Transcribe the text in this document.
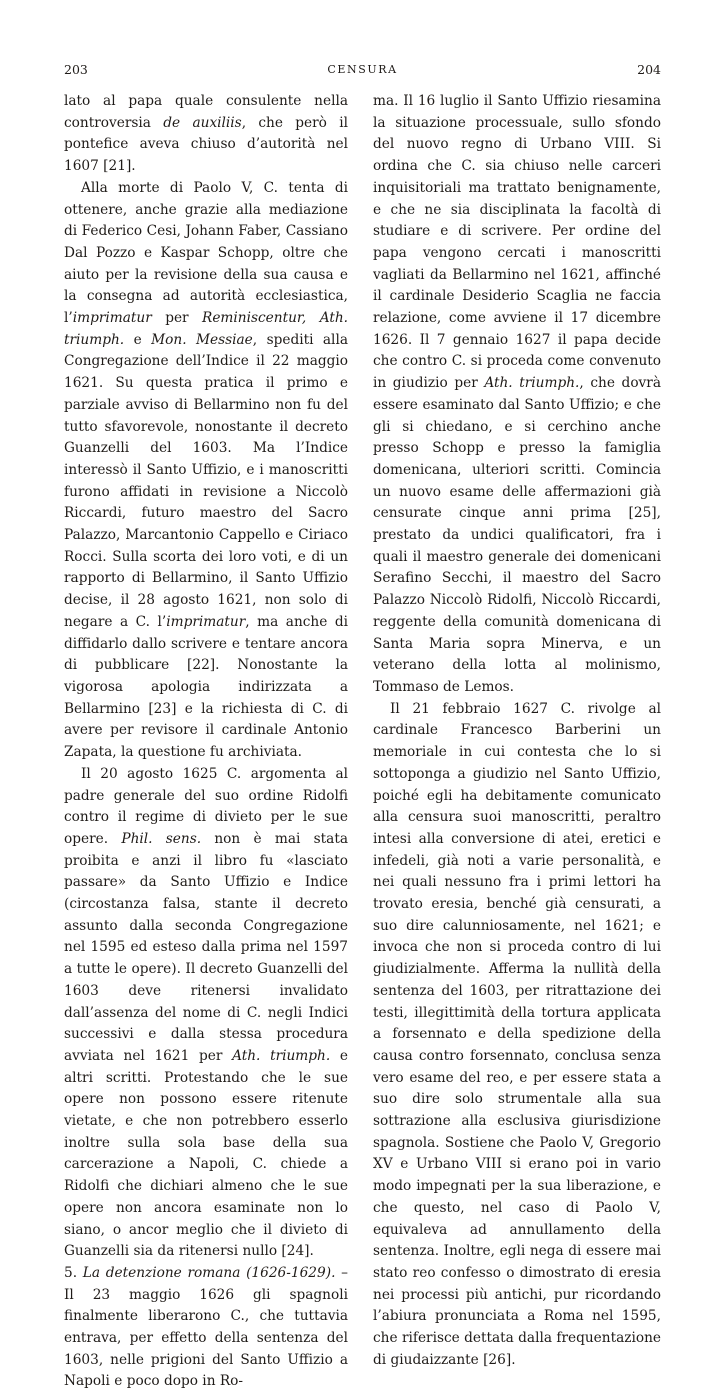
203	CENSURA	204

lato al papa quale consulente nella controversia de auxiliis, che però il pontefice aveva chiuso d’autorità nel 1607 [21].

Alla morte di Paolo V, C. tenta di ottenere, anche grazie alla mediazione di Federico Cesi, Johann Faber, Cassiano Dal Pozzo e Kaspar Schopp, oltre che aiuto per la revisione della sua causa e la consegna ad autorità ecclesiastica, l’imprimatur per Reminiscentur, Ath. triumph. e Mon. Messiae, spediti alla Congregazione dell’Indice il 22 maggio 1621. Su questa pratica il primo e parziale avviso di Bellarmino non fu del tutto sfavorevole, nonostante il decreto Guanzelli del 1603. Ma l’Indice interessò il Santo Uffizio, e i manoscritti furono affidati in revisione a Niccolò Riccardi, futuro maestro del Sacro Palazzo, Marcantonio Cappello e Ciriaco Rocci. Sulla scorta dei loro voti, e di un rapporto di Bellarmino, il Santo Uffizio decise, il 28 agosto 1621, non solo di negare a C. l’imprimatur, ma anche di diffidarlo dallo scrivere e tentare ancora di pubblicare [22]. Nonostante la vigorosa apologia indirizzata a Bellarmino [23] e la richiesta di C. di avere per revisore il cardinale Antonio Zapata, la questione fu archiviata.

Il 20 agosto 1625 C. argomenta al padre generale del suo ordine Ridolfi contro il regime di divieto per le sue opere. Phil. sens. non è mai stata proibita e anzi il libro fu «lasciato passare» da Santo Uffizio e Indice (circostanza falsa, stante il decreto assunto dalla seconda Congregazione nel 1595 ed esteso dalla prima nel 1597 a tutte le opere). Il decreto Guanzelli del 1603 deve ritenersi invalidato dall’assenza del nome di C. negli Indici successivi e dalla stessa procedura avviata nel 1621 per Ath. triumph. e altri scritti. Protestando che le sue opere non possono essere ritenute vietate, e che non potrebbero esserlo inoltre sulla sola base della sua carcerazione a Napoli, C. chiede a Ridolfi che dichiari almeno che le sue opere non ancora esaminate non lo siano, o ancor meglio che il divieto di Guanzelli sia da ritenersi nullo [24].

5. La detenzione romana (1626-1629). – Il 23 maggio 1626 gli spagnoli finalmente liberarono C., che tuttavia entrava, per effetto della sentenza del 1603, nelle prigioni del Santo Uffizio a Napoli e poco dopo in Ro-

ma. Il 16 luglio il Santo Uffizio riesamina la situazione processuale, sullo sfondo del nuovo regno di Urbano VIII. Si ordina che C. sia chiuso nelle carceri inquisitoriali ma trattato benignamente, e che ne sia disciplinata la facoltà di studiare e di scrivere. Per ordine del papa vengono cercati i manoscritti vagliati da Bellarmino nel 1621, affinché il cardinale Desiderio Scaglia ne faccia relazione, come avviene il 17 dicembre 1626. Il 7 gennaio 1627 il papa decide che contro C. si proceda come convenuto in giudizio per Ath. triumph., che dovrà essere esaminato dal Santo Uffizio; e che gli si chiedano, e si cerchino anche presso Schopp e presso la famiglia domenicana, ulteriori scritti. Comincia un nuovo esame delle affermazioni già censurate cinque anni prima [25], prestato da undici qualificatori, fra i quali il maestro generale dei domenicani Serafino Secchi, il maestro del Sacro Palazzo Niccolò Ridolfi, Niccolò Riccardi, reggente della comunità domenicana di Santa Maria sopra Minerva, e un veterano della lotta al molinismo, Tommaso de Lemos.

Il 21 febbraio 1627 C. rivolge al cardinale Francesco Barberini un memoriale in cui contesta che lo si sottoponga a giudizio nel Santo Uffizio, poiché egli ha debitamente comunicato alla censura suoi manoscritti, peraltro intesi alla conversione di atei, eretici e infedeli, già noti a varie personalità, e nei quali nessuno fra i primi lettori ha trovato eresia, benché già censurati, a suo dire calunniosamente, nel 1621; e invoca che non si proceda contro di lui giudizialmente. Afferma la nullità della sentenza del 1603, per ritrattazione dei testi, illegittimità della tortura applicata a forsennato e della spedizione della causa contro forsennato, conclusa senza vero esame del reo, e per essere stata a suo dire solo strumentale alla sua sottrazione alla esclusiva giurisdizione spagnola. Sostiene che Paolo V, Gregorio XV e Urbano VIII si erano poi in vario modo impegnati per la sua liberazione, e che questo, nel caso di Paolo V, equivaleva ad annullamento della sentenza. Inoltre, egli nega di essere mai stato reo confesso o dimostrato di eresia nei processi più antichi, pur ricordando l’abiura pronunciata a Roma nel 1595, che riferisce dettata dalla frequentazione di giudaizzante [26].
